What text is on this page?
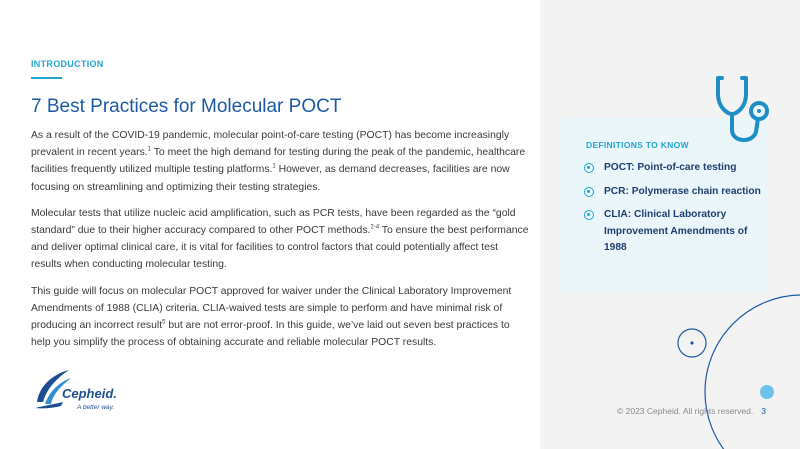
INTRODUCTION
7 Best Practices for Molecular POCT

As a result of the COVID-19 pandemic, molecular point-of-care testing (POCT) has become increasingly prevalent in recent years.$^1$ To meet the high demand for testing during the peak of the pandemic, healthcare facilities frequently utilized multiple testing platforms.$^1$ However, as demand decreases, facilities are now focusing on streamlining and optimizing their testing strategies.

Molecular tests that utilize nucleic acid amplification, such as PCR tests, have been regarded as the “gold standard” due to their higher accuracy compared to other POCT methods.$^{2-4}$ To ensure the best performance and deliver optimal clinical care, it is vital for facilities to control factors that could potentially affect test results when conducting molecular testing.

This guide will focus on molecular POCT approved for waiver under the Clinical Laboratory Improvement Amendments of 1988 (CLIA) criteria. CLIA-waived tests are simple to perform and have minimal risk of producing an incorrect result$^5$ but are not error-proof. In this guide, we’ve laid out seven best practices to help you simplify the process of obtaining accurate and reliable molecular POCT results.

Cepheid.
A better way.
DEFINITIONS TO KNOW
POCT: Point-of-care testing
PCR: Polymerase chain reaction
CLIA: Clinical Laboratory Improvement Amendments of 1988
© 2023 Cepheid. All rights reserved. 3
